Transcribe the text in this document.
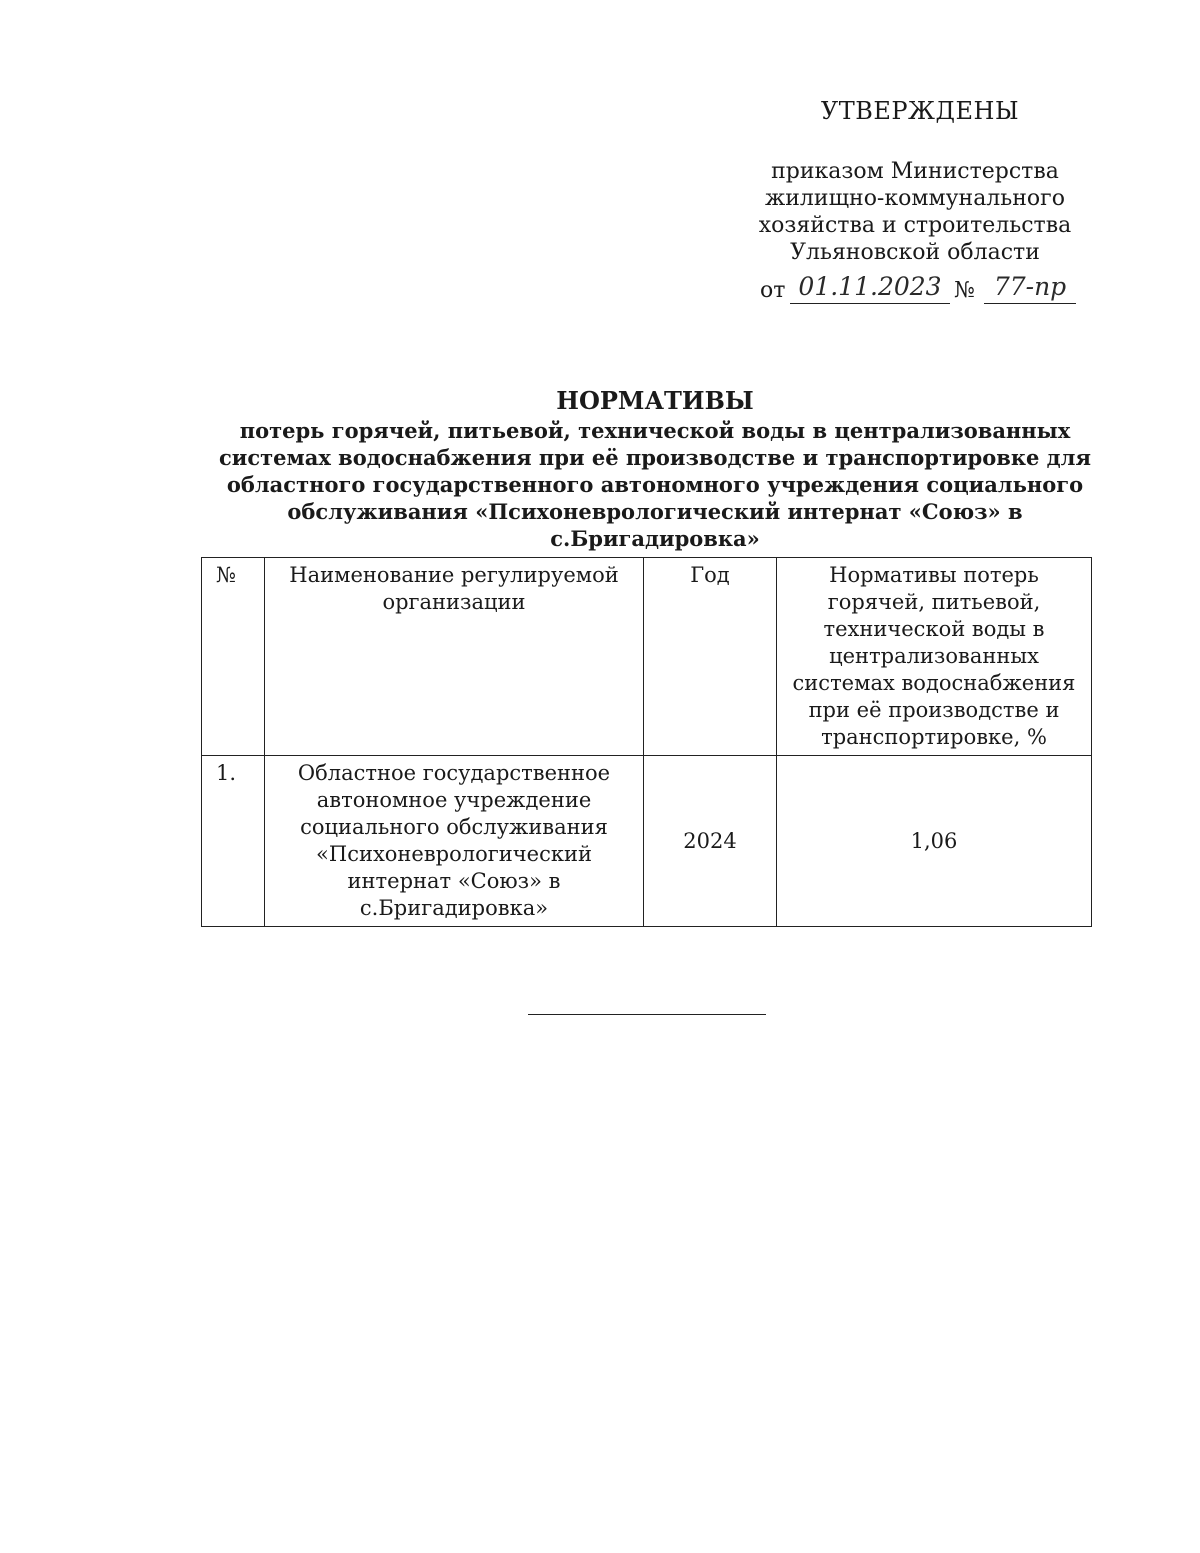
УТВЕРЖДЕНЫ
приказом Министерства
жилищно-коммунального
хозяйства и строительства
Ульяновской области
от 01.11.2023 № 77-пр
НОРМАТИВЫ
потерь горячей, питьевой, технической воды в централизованных
системах водоснабжения при её производстве и транспортировке для
областного государственного автономного учреждения социального
обслуживания «Психоневрологический интернат «Союз» в с.Бригадировка»
№	Наименование регулируемой организации	Год	Нормативы потерь горячей, питьевой, технической воды в централизованных системах водоснабжения при её производстве и транспортировке, %
1.	Областное государственное автономное учреждение социального обслуживания «Психоневрологический интернат «Союз» в с.Бригадировка»	2024	1,06
